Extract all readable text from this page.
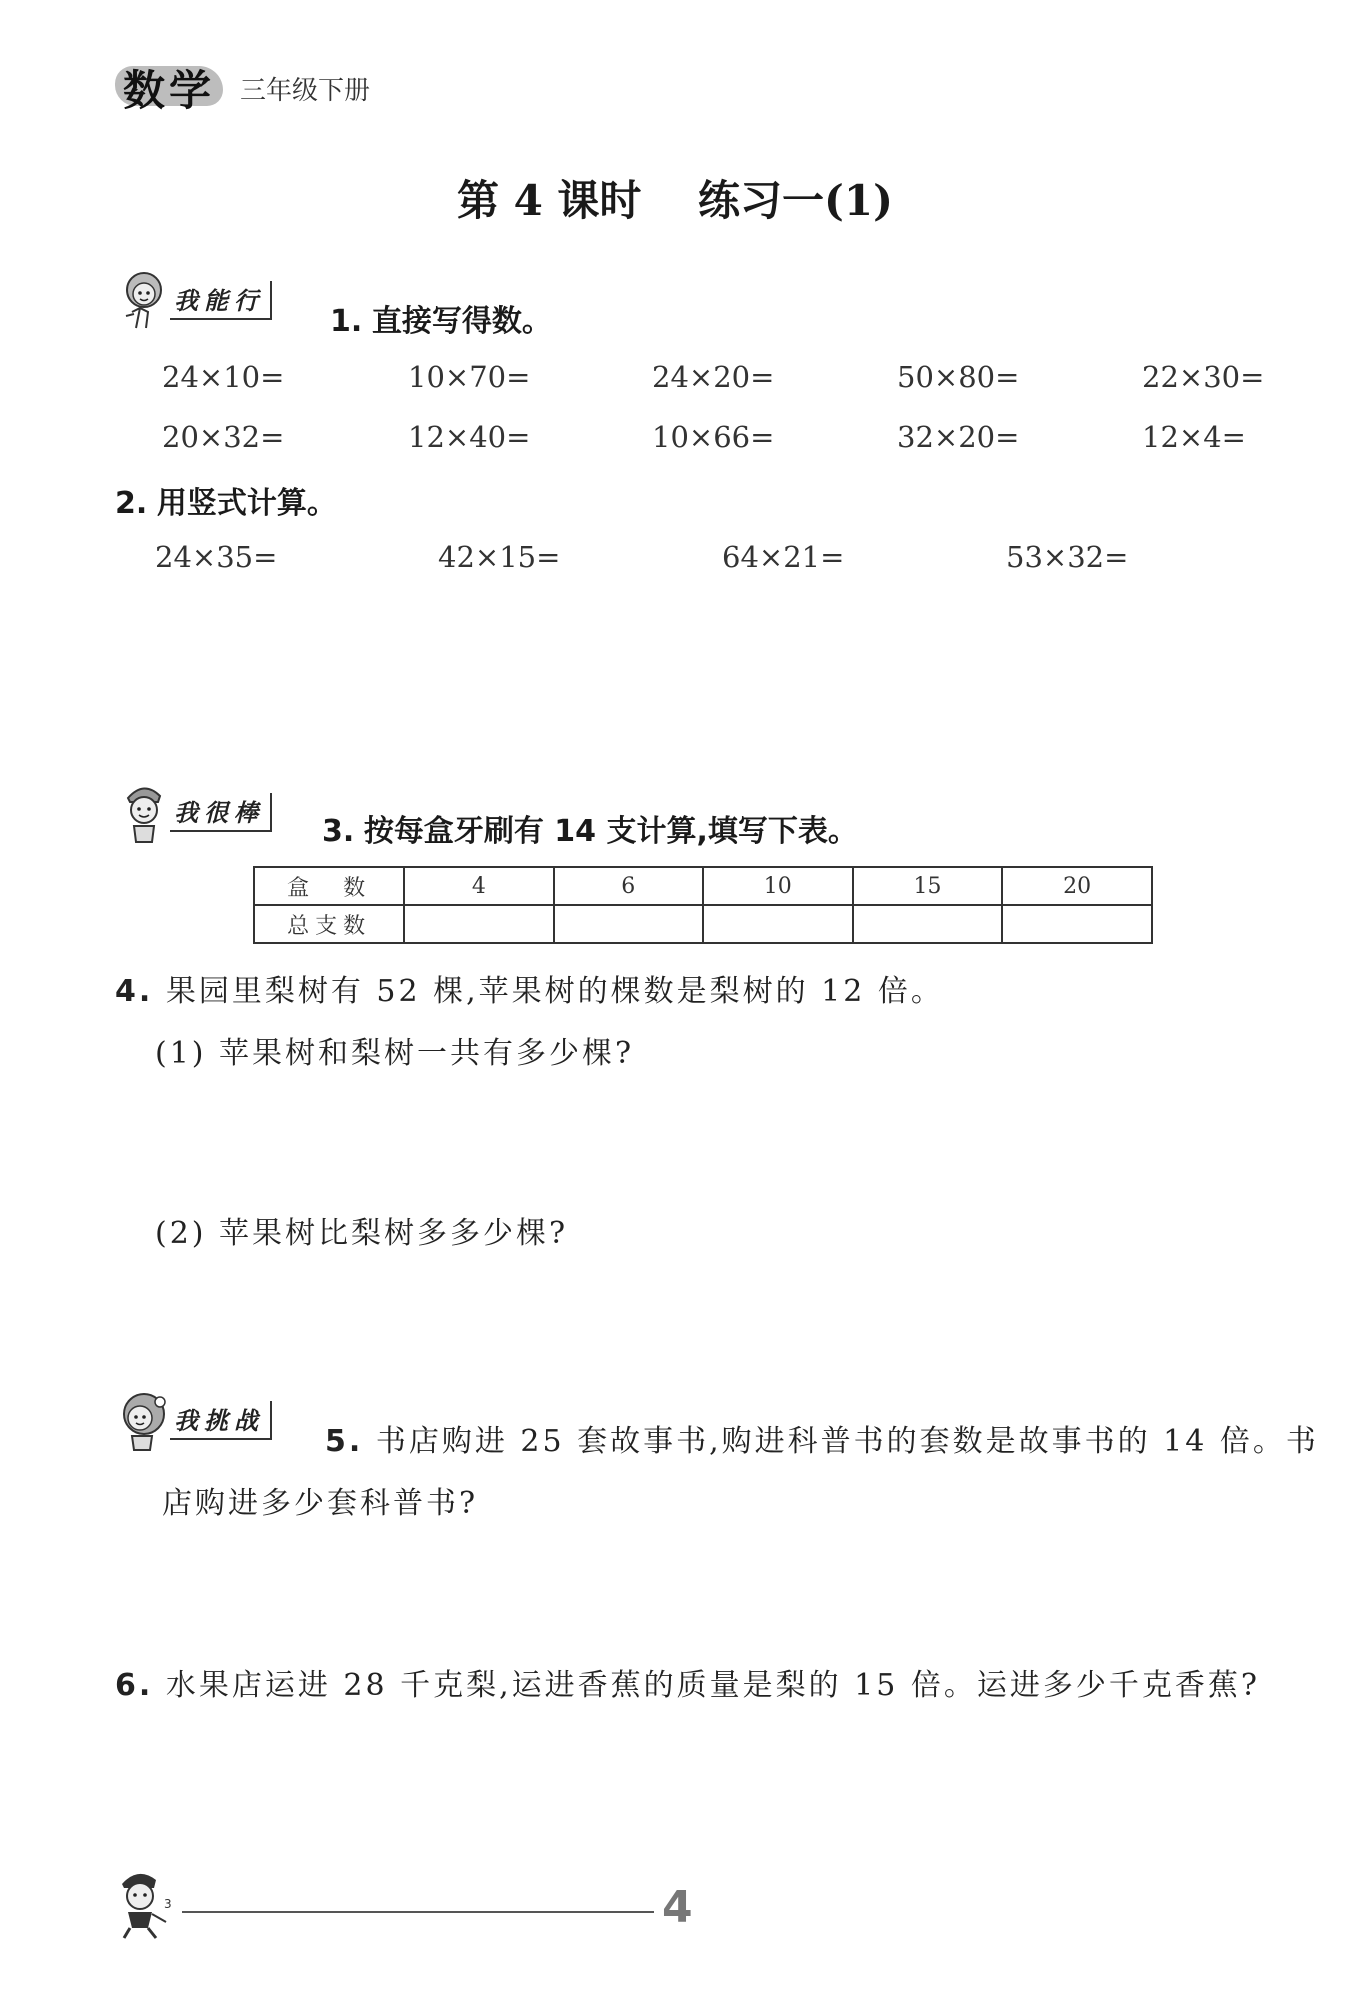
数学 三年级下册
第 4 课时　 练习一(1)
我能行
1. 直接写得数。
24×10=	10×70=	24×20=	50×80=	22×30=
20×32=	12×40=	10×66=	32×20=	12×4=
2. 用竖式计算。
24×35=	42×15=	64×21=	53×32=
我很棒
3. 按每盒牙刷有 14 支计算,填写下表。
盒　数	4	6	10	15	20
总支数					
4. 果园里梨树有 52 棵,苹果树的棵数是梨树的 12 倍。
(1) 苹果树和梨树一共有多少棵?
(2) 苹果树比梨树多多少棵?
我挑战
5. 书店购进 25 套故事书,购进科普书的套数是故事书的 14 倍。书
店购进多少套科普书?
6. 水果店运进 28 千克梨,运进香蕉的质量是梨的 15 倍。运进多少千克香蕉?
3	4
